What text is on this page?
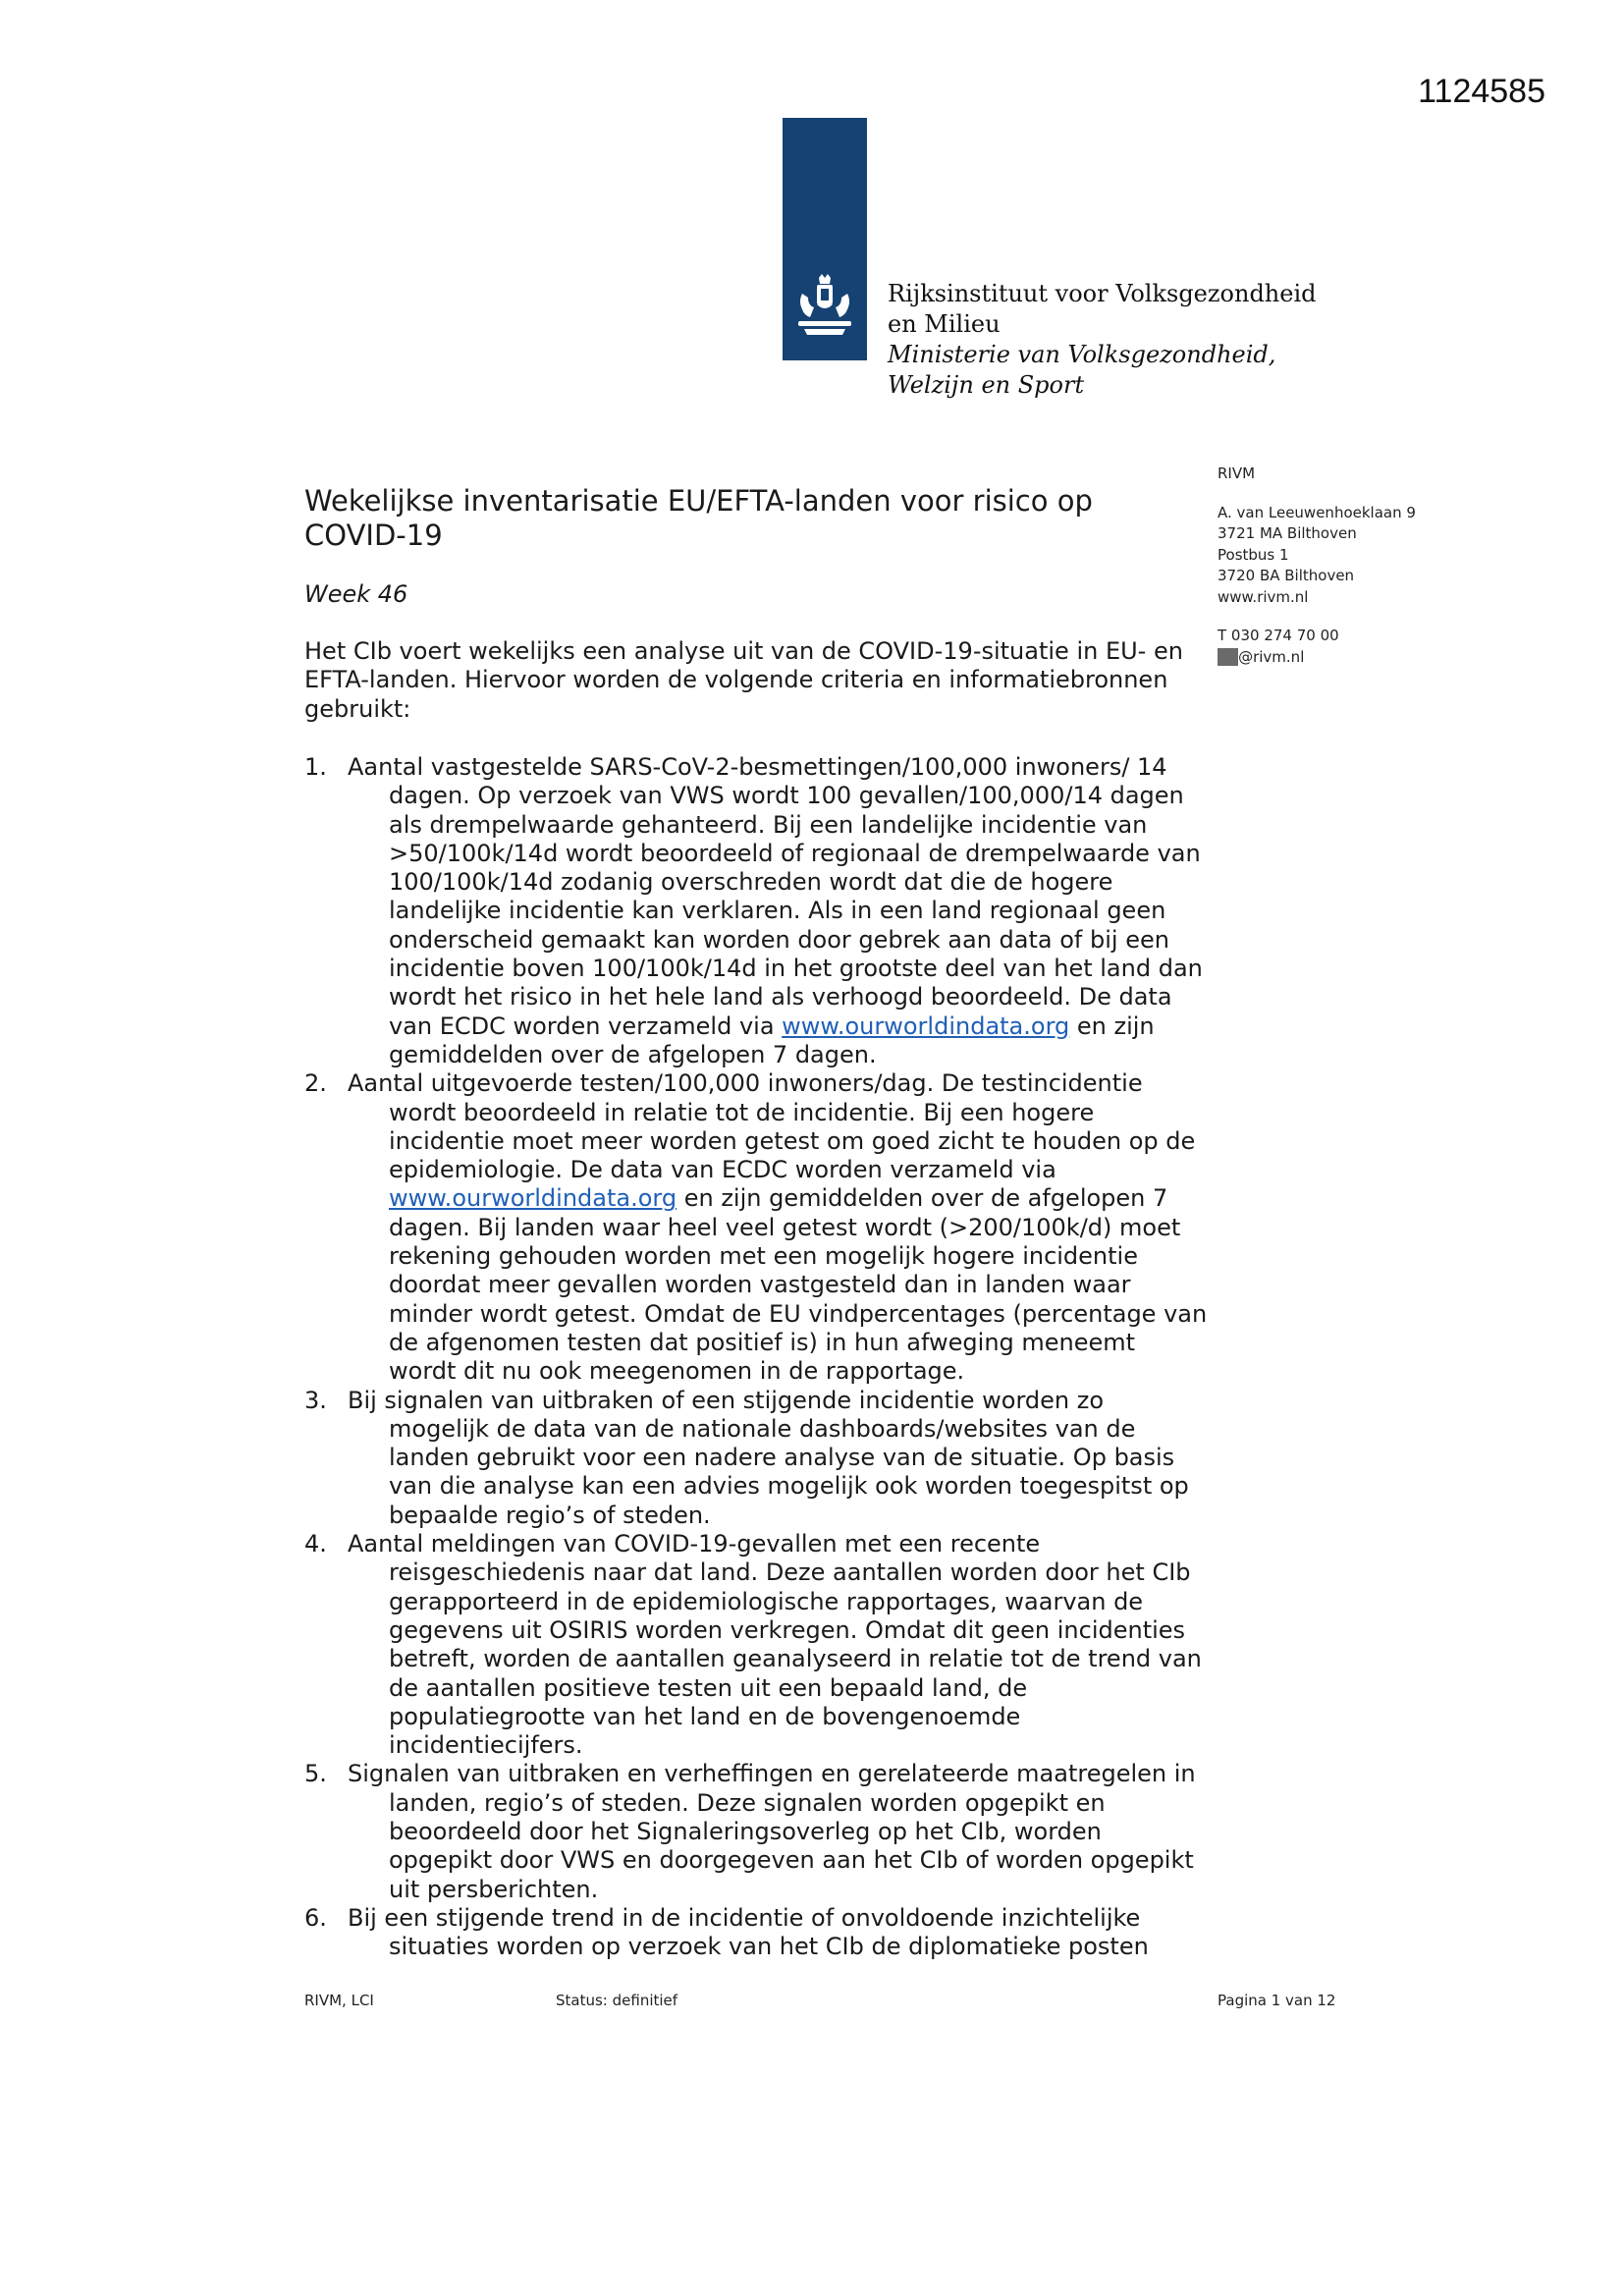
1124585
Rijksinstituut voor Volksgezondheid
en Milieu
Ministerie van Volksgezondheid,
Welzijn en Sport
RIVM
A. van Leeuwenhoeklaan 9
3721 MA Bilthoven
Postbus 1
3720 BA Bilthoven
www.rivm.nl
T 030 274 70 00
11@rivm.nl
Wekelijkse inventarisatie EU/EFTA-landen voor risico op COVID-19
Week 46
Het CIb voert wekelijks een analyse uit van de COVID-19-situatie in EU- en EFTA-landen. Hiervoor worden de volgende criteria en informatiebronnen gebruikt:
1. Aantal vastgestelde SARS-CoV-2-besmettingen/100,000 inwoners/ 14 dagen. Op verzoek van VWS wordt 100 gevallen/100,000/14 dagen als drempelwaarde gehanteerd. Bij een landelijke incidentie van >50/100k/14d wordt beoordeeld of regionaal de drempelwaarde van 100/100k/14d zodanig overschreden wordt dat die de hogere landelijke incidentie kan verklaren. Als in een land regionaal geen onderscheid gemaakt kan worden door gebrek aan data of bij een incidentie boven 100/100k/14d in het grootste deel van het land dan wordt het risico in het hele land als verhoogd beoordeeld. De data van ECDC worden verzameld via www.ourworldindata.org en zijn gemiddelden over de afgelopen 7 dagen.
2. Aantal uitgevoerde testen/100,000 inwoners/dag. De testincidentie wordt beoordeeld in relatie tot de incidentie. Bij een hogere incidentie moet meer worden getest om goed zicht te houden op de epidemiologie. De data van ECDC worden verzameld via www.ourworldindata.org en zijn gemiddelden over de afgelopen 7 dagen. Bij landen waar heel veel getest wordt (>200/100k/d) moet rekening gehouden worden met een mogelijk hogere incidentie doordat meer gevallen worden vastgesteld dan in landen waar minder wordt getest. Omdat de EU vindpercentages (percentage van de afgenomen testen dat positief is) in hun afweging meneemt wordt dit nu ook meegenomen in de rapportage.
3. Bij signalen van uitbraken of een stijgende incidentie worden zo mogelijk de data van de nationale dashboards/websites van de landen gebruikt voor een nadere analyse van de situatie. Op basis van die analyse kan een advies mogelijk ook worden toegespitst op bepaalde regio’s of steden.
4. Aantal meldingen van COVID-19-gevallen met een recente reisgeschiedenis naar dat land. Deze aantallen worden door het CIb gerapporteerd in de epidemiologische rapportages, waarvan de gegevens uit OSIRIS worden verkregen. Omdat dit geen incidenties betreft, worden de aantallen geanalyseerd in relatie tot de trend van de aantallen positieve testen uit een bepaald land, de populatiegrootte van het land en de bovengenoemde incidentiecijfers.
5. Signalen van uitbraken en verheffingen en gerelateerde maatregelen in landen, regio’s of steden. Deze signalen worden opgepikt en beoordeeld door het Signaleringsoverleg op het CIb, worden opgepikt door VWS en doorgegeven aan het CIb of worden opgepikt uit persberichten.
6. Bij een stijgende trend in de incidentie of onvoldoende inzichtelijke situaties worden op verzoek van het CIb de diplomatieke posten
RIVM, LCI	Status: definitief	Pagina 1 van 12
